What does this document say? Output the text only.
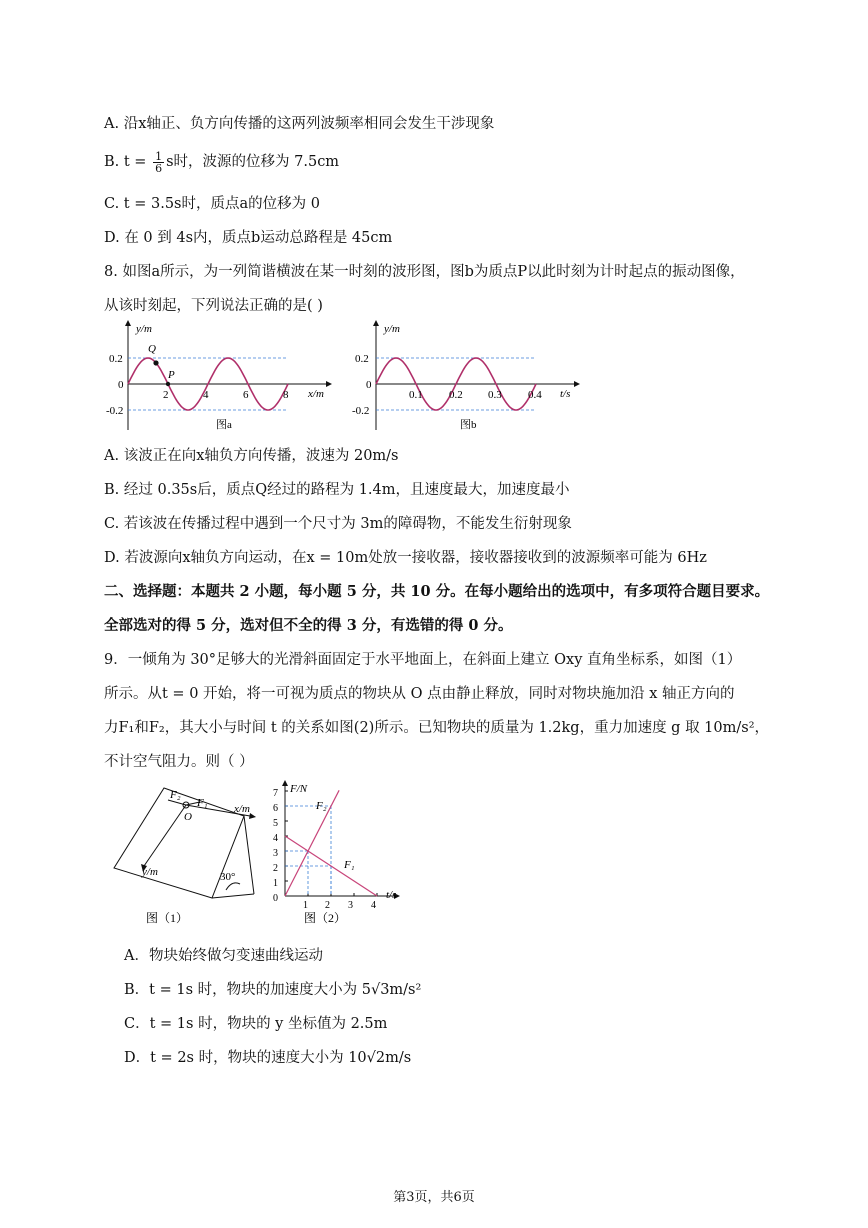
A. 沿x轴正、负方向传播的这两列波频率相同会发生干涉现象
B. $t = \frac{1}{6}$ s时，波源的位移为 7.5cm
C. t = 3.5s时，质点a的位移为 0
D. 在 0 到 4s内，质点b运动总路程是 45cm
8. 如图a所示，为一列简谐横波在某一时刻的波形图，图b为质点P以此时刻为计时起点的振动图像，
从该时刻起，下列说法正确的是( )
y/m
0.2
0
-0.2
2	4	6	8 x/m
Q
P
图a
y/m
0.2
0
-0.2
0.1 0.2 0.3 0.4 t/s
图b
A. 该波正在向x轴负方向传播，波速为 20m/s
B. 经过 0.35s后，质点Q经过的路程为 1.4m，且速度最大，加速度最小
C. 若该波在传播过程中遇到一个尺寸为 3m的障碍物，不能发生衍射现象
D. 若波源向x轴负方向运动，在x = 10m处放一接收器，接收器接收到的波源频率可能为 6Hz
二、选择题：本题共 2 小题，每小题 5 分，共 10 分。在每小题给出的选项中，有多项符合题目要求。
全部选对的得 5 分，选对但不全的得 3 分，有选错的得 0 分。
9．一倾角为 30°足够大的光滑斜面固定于水平地面上，在斜面上建立 Oxy 直角坐标系，如图（1）
所示。从t = 0 开始，将一可视为质点的物块从 O 点由静止释放，同时对物块施加沿 x 轴正方向的
力F₁和F₂，其大小与时间 t 的关系如图(2)所示。已知物块的质量为 1.2kg，重力加速度 g 取 10m/s²，
不计空气阻力。则（ ）
F₂
F₁
O
x/m
y/m	30°
图（1）
F/N
7
6
5
4
3
2
1
0
1 2 3 4
t/s
F₂
F₁
图（2）
A．物块始终做匀变速曲线运动
B．t = 1s 时，物块的加速度大小为 5√3m/s²
C．t = 1s 时，物块的 y 坐标值为 2.5m
D．t = 2s 时，物块的速度大小为 10√2m/s
第3页，共6页
